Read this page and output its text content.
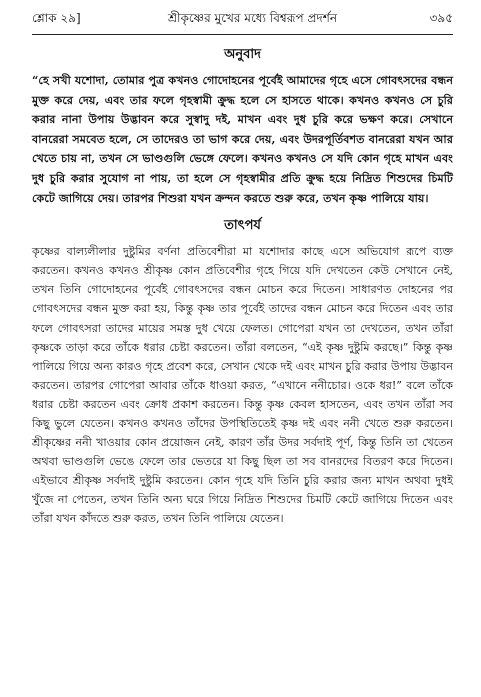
শ্লোক ২৯]	শ্রীকৃষ্ণের মুখের মধ্যে বিশ্বরূপ প্রদর্শন	৩৯৫
অনুবাদ

“হে সখী যশোদা, তোমার পুত্র কখনও গোদোহনের পূর্বেই আমাদের গৃহে এসে গোবৎসদের বন্ধন মুক্ত করে দেয়, এবং তার ফলে গৃহস্বামী ক্রুদ্ধ হলে সে হাসতে থাকে। কখনও কখনও সে চুরি করার নানা উপায় উদ্ভাবন করে সুস্বাদু দই, মাখন এবং দুধ চুরি করে ভক্ষণ করে। সেখানে বানরেরা সমবেত হলে, সে তাদেরও তা ভাগ করে দেয়, এবং উদরপূর্তিবশত বানরেরা যখন আর খেতে চায় না, তখন সে ভাণ্ডগুলি ভেঙ্গে ফেলে। কখনও কখনও সে যদি কোন গৃহে মাখন এবং দুধ চুরি করার সুযোগ না পায়, তা হলে সে গৃহস্বামীর প্রতি ক্রুদ্ধ হয়ে নিদ্রিত শিশুদের চিমটি কেটে জাগিয়ে দেয়। তারপর শিশুরা যখন ক্রন্দন করতে শুরু করে, তখন কৃষ্ণ পালিয়ে যায়।

তাৎপর্য

কৃষ্ণের বাল্যলীলার দুষ্টুমির বর্ণনা প্রতিবেশীরা মা যশোদার কাছে এসে অভিযোগ রূপে ব্যক্ত করতেন। কখনও কখনও শ্রীকৃষ্ণ কোন প্রতিবেশীর গৃহে গিয়ে যদি দেখতেন কেউ সেখানে নেই, তখন তিনি গোদোহনের পূর্বেই গোবৎসদের বন্ধন মোচন করে দিতেন। সাধারণত দোহনের পর গোবৎসদের বন্ধন মুক্ত করা হয়, কিন্তু কৃষ্ণ তার পূর্বেই তাদের বন্ধন মোচন করে দিতেন এবং তার ফলে গোবৎসরা তাদের মায়ের সমস্ত দুধ খেয়ে ফেলত। গোপেরা যখন তা দেখতেন, তখন তাঁরা কৃষ্ণকে তাড়া করে তাঁকে ধরার চেষ্টা করতেন। তাঁরা বলতেন, “এই কৃষ্ণ দুষ্টুমি করছে।” কিন্তু কৃষ্ণ পালিয়ে গিয়ে অন্য কারও গৃহে প্রবেশ করে, সেখান থেকে দই এবং মাখন চুরি করার উপায় উদ্ভাবন করতেন। তারপর গোপেরা আবার তাঁকে ধাওয়া করত, “এখানে ননীচোর। ওকে ধর!” বলে তাঁকে ধরার চেষ্টা করতেন এবং ক্রোধ প্রকাশ করতেন। কিন্তু কৃষ্ণ কেবল হাসতেন, এবং তখন তাঁরা সব কিছু ভুলে যেতেন। কখনও কখনও তাঁদের উপস্থিতিতেই কৃষ্ণ দই এবং ননী খেতে শুরু করতেন। শ্রীকৃষ্ণের ননী খাওয়ার কোন প্রয়োজন নেই, কারণ তাঁর উদর সর্বদাই পূর্ণ, কিন্তু তিনি তা খেতেন অথবা ভাণ্ডগুলি ভেঙে ফেলে তার ভেতরে যা কিছু ছিল তা সব বানরদের বিতরণ করে দিতেন। এইভাবে শ্রীকৃষ্ণ সর্বদাই দুষ্টুমি করতেন। কোন গৃহে যদি তিনি চুরি করার জন্য মাখন অথবা দুধই খুঁজে না পেতেন, তখন তিনি অন্য ঘরে গিয়ে নিদ্রিত শিশুদের চিমটি কেটে জাগিয়ে দিতেন এবং তাঁরা যখন কাঁদতে শুরু করত, তখন তিনি পালিয়ে যেতেন।
